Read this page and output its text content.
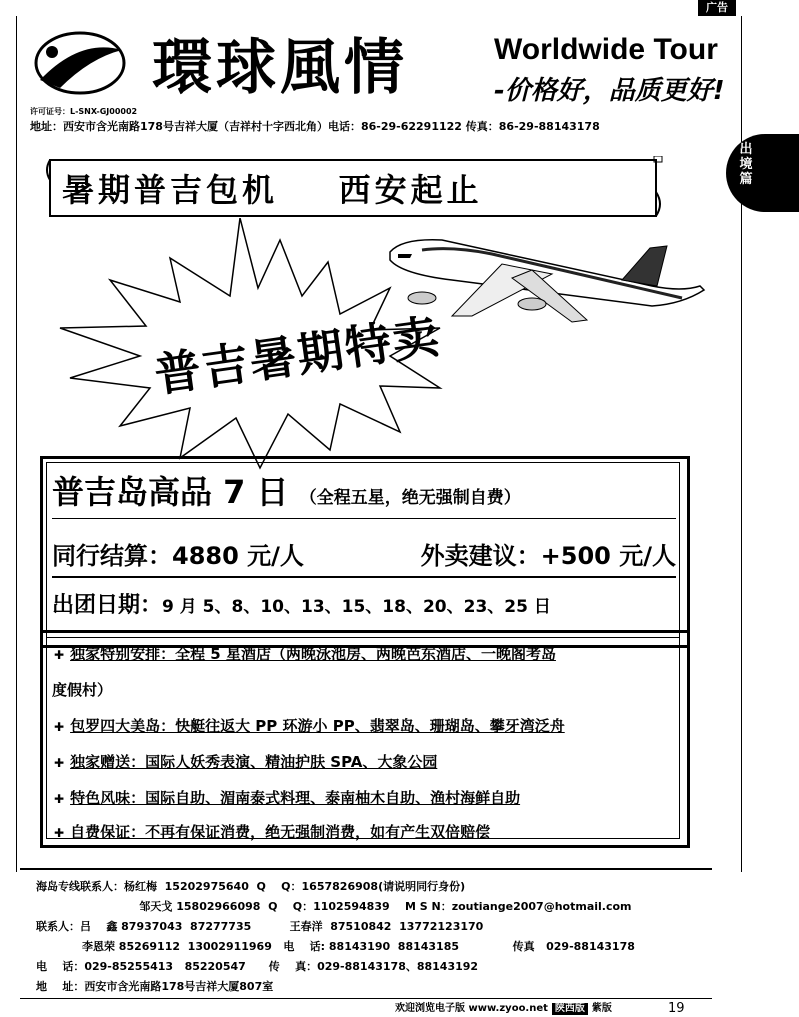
广告
環球風情	Worldwide Tour
-价格好，品质更好!
许可证号：L-SNX-GJ00002
地址：西安市含光南路178号吉祥大厦（吉祥村十字西北角）电话：86-29-62291122 传真：86-29-88143178
出境篇
暑期普吉包机    西安起止
普吉暑期特卖
普吉岛高品 7 日 （全程五星，绝无强制自费）
同行结算：4880 元/人	外卖建议：+500 元/人
出团日期：9 月 5、8、10、13、15、18、20、23、25 日
✚ 独家特别安排：全程 5 星酒店（两晚泳池房、两晚芭东酒店、一晚阁考岛
度假村）
✚ 包罗四大美岛：快艇往返大 PP 环游小 PP、翡翠岛、珊瑚岛、攀牙湾泛舟
✚ 独家赠送：国际人妖秀表演、精油护肤 SPA、大象公园
✚ 特色风味：国际自助、湄南泰式料理、泰南柚木自助、渔村海鲜自助
✚ 自费保证：不再有保证消费，绝无强制消费，如有产生双倍赔偿
海岛专线联系人：杨红梅  15202975640  Q    Q：1657826908(请说明同行身份)
邹天戈 15802966098  Q    Q：1102594839    M S N：zoutiange2007@hotmail.com
联系人：吕    鑫 87937043  87277735          王春洋  87510842  13772123170
李恩荣 85269112  13002911969   电    话: 88143190  88143185              传真   029-88143178
电    话：029-85255413   85220547      传    真：029-88143178、88143192
地    址：西安市含光南路178号吉祥大厦807室
欢迎浏览电子版 www.zyoo.net 陕西版 紫版	19
